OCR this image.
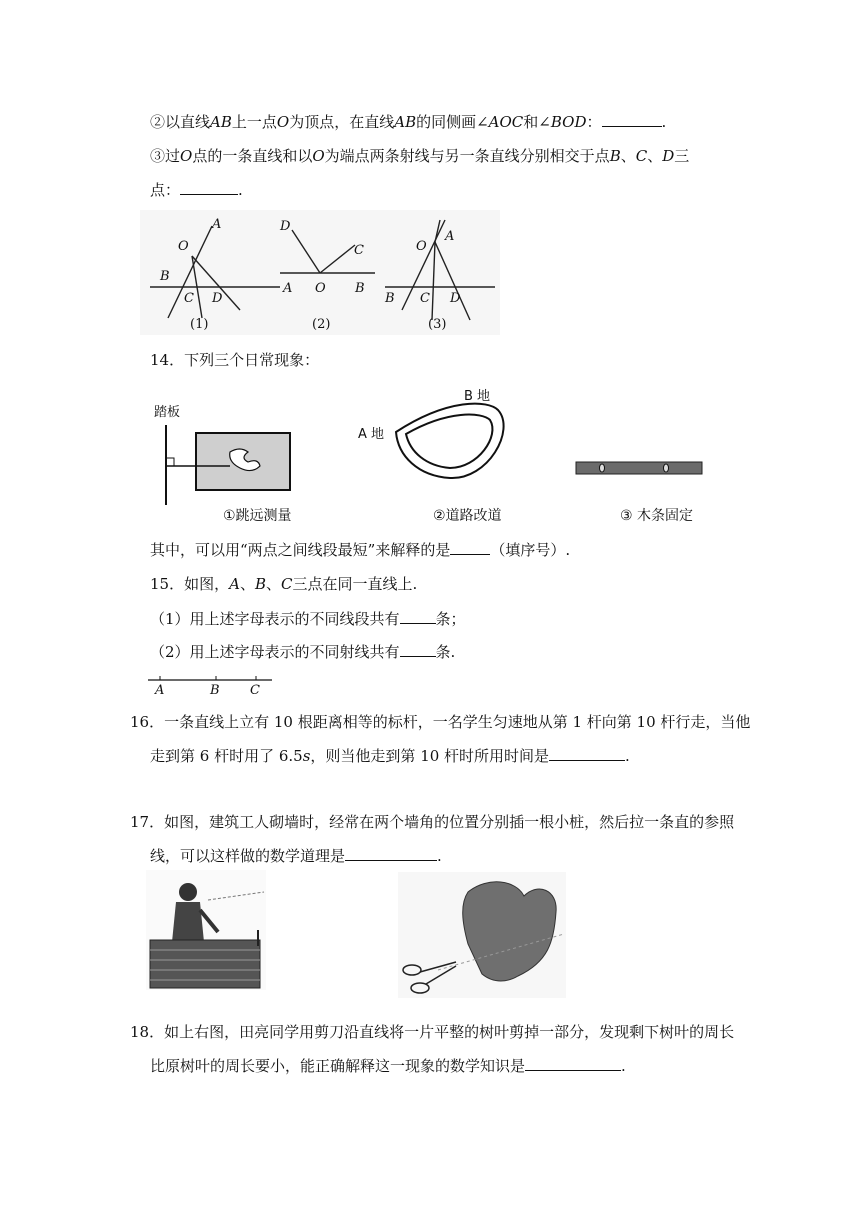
②以直线AB上一点O为顶点，在直线AB的同侧画∠AOC和∠BOD：	.
③过O点的一条直线和以O为端点两条射线与另一条直线分别相交于点B、C、D三
点：	.
A
O
B
C D
D
C
A O B
A
O
B C D
(1)	(2)	(3)
14．下列三个日常现象：
踏板
①跳远测量
B 地
A 地
②道路改道	③ 木条固定
其中，可以用“两点之间线段最短”来解释的是	（填序号）.
15．如图，A、B、C三点在同一直线上.
（1）用上述字母表示的不同线段共有 条；
（2）用上述字母表示的不同射线共有 条.
A	B C
16．一条直线上立有 10 根距离相等的标杆，一名学生匀速地从第 1 杆向第 10 杆行走，当他
走到第 6 杆时用了 6.5s，则当他走到第 10 杆时所用时间是	.
17．如图，建筑工人砌墙时，经常在两个墙角的位置分别插一根小桩，然后拉一条直的参照
线，可以这样做的数学道理是	.
18．如上右图，田亮同学用剪刀沿直线将一片平整的树叶剪掉一部分，发现剩下树叶的周长
比原树叶的周长要小，能正确解释这一现象的数学知识是	.
